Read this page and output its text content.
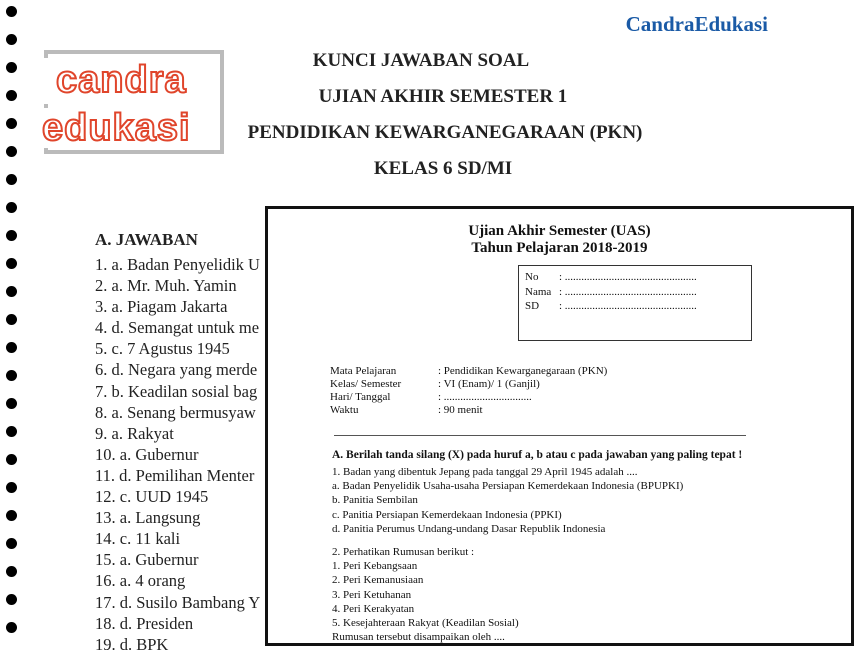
CandraEdukasi
candra
edukasi
KUNCI JAWABAN SOAL
UJIAN AKHIR SEMESTER 1
PENDIDIKAN KEWARGANEGARAAN (PKN)
KELAS 6 SD/MI
A. JAWABAN
1. a. Badan Penyelidik U
2. a. Mr. Muh. Yamin
3. a. Piagam Jakarta
4. d. Semangat untuk me
5. c. 7 Agustus 1945
6. d. Negara yang merde
7. b. Keadilan sosial bag
8. a. Senang bermusyaw
9. a. Rakyat
10. a. Gubernur
11. d. Pemilihan Menter
12. c. UUD 1945
13. a. Langsung
14. c. 11 kali
15. a. Gubernur
16. a. 4 orang
17. d. Susilo Bambang Y
18. d. Presiden
19. d. BPK
Ujian Akhir Semester (UAS)
Tahun Pelajaran 2018-2019
No	: ................................................
Nama : ................................................
SD	: ................................................
Mata Pelajaran	: Pendidikan Kewarganegaraan (PKN)
Kelas/ Semester	: VI (Enam)/ 1 (Ganjil)
Hari/ Tanggal	: ................................
Waktu	: 90 menit
A. Berilah tanda silang (X) pada huruf a, b atau c pada jawaban yang paling tepat !
1. Badan yang dibentuk Jepang pada tanggal 29 April 1945 adalah ....
a. Badan Penyelidik Usaha-usaha Persiapan Kemerdekaan Indonesia (BPUPKI)
b. Panitia Sembilan
c. Panitia Persiapan Kemerdekaan Indonesia (PPKI)
d. Panitia Perumus Undang-undang Dasar Republik Indonesia
2. Perhatikan Rumusan berikut :
1. Peri Kebangsaan
2. Peri Kemanusiaan
3. Peri Ketuhanan
4. Peri Kerakyatan
5. Kesejahteraan Rakyat (Keadilan Sosial)
Rumusan tersebut disampaikan oleh ....
